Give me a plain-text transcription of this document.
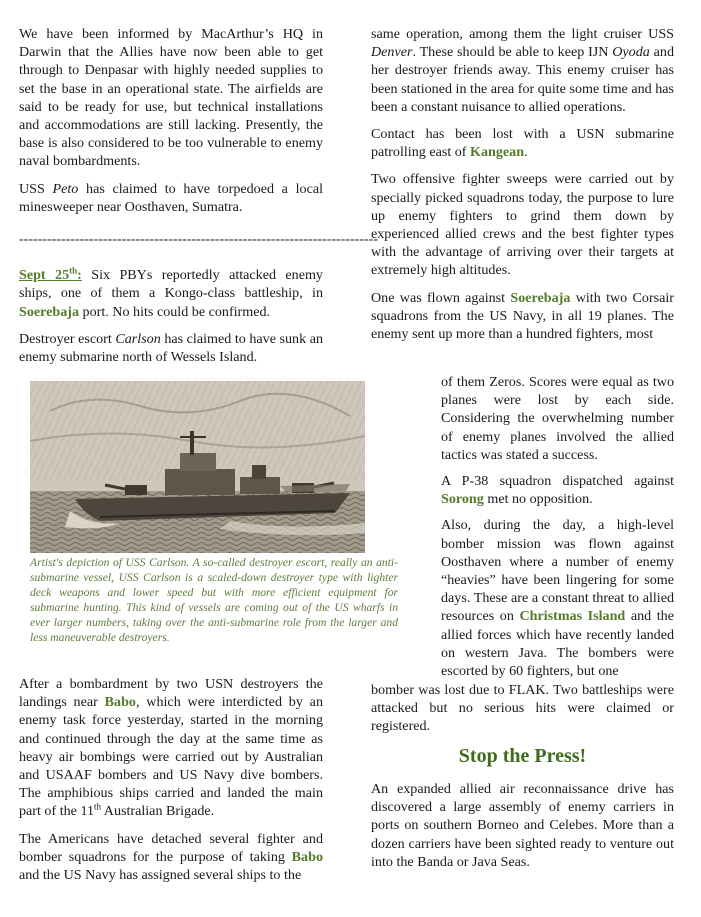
We have been informed by MacArthur’s HQ in Darwin that the Allies have now been able to get through to Denpasar with highly needed supplies to set the base in an operational state. The airfields are said to be ready for use, but technical installations and accommodations are still lacking. Presently, the base is also considered to be too vulnerable to enemy naval bombardments.

USS Peto has claimed to have torpedoed a local minesweeper near Oosthaven, Sumatra.

-----------------------------------------------------------------------------

Sept 25th: Six PBYs reportedly attacked enemy ships, one of them a Kongo-class battleship, in Soerebaja port. No hits could be confirmed.

Destroyer escort Carlson has claimed to have sunk an enemy submarine north of Wessels Island.

Artist's depiction of USS Carlson. A so-called destroyer escort, really an anti-submarine vessel, USS Carlson is a scaled-down destroyer type with lighter deck weapons and lower speed but with more efficient equipment for submarine hunting. This kind of vessels are coming out of the US wharfs in ever larger numbers, taking over the anti-submarine role from the larger and less maneuverable destroyers.

After a bombardment by two USN destroyers the landings near Babo, which were interdicted by an enemy task force yesterday, started in the morning and continued through the day at the same time as heavy air bombings were carried out by Australian and USAAF bombers and US Navy dive bombers. The amphibious ships carried and landed the main part of the 11th Australian Brigade.

The Americans have detached several fighter and bomber squadrons for the purpose of taking Babo and the US Navy has assigned several ships to the

same operation, among them the light cruiser USS Denver. These should be able to keep IJN Oyoda and her destroyer friends away. This enemy cruiser has been stationed in the area for quite some time and has been a constant nuisance to allied operations.

Contact has been lost with a USN submarine patrolling east of Kangean.

Two offensive fighter sweeps were carried out by specially picked squadrons today, the purpose to lure up enemy fighters to grind them down by experienced allied crews and the best fighter types with the advantage of arriving over their targets at extremely high altitudes.

One was flown against Soerebaja with two Corsair squadrons from the US Navy, in all 19 planes. The enemy sent up more than a hundred fighters, most

of them Zeros. Scores were equal as two planes were lost by each side. Considering the overwhelming number of enemy planes involved the allied tactics was stated a success.

A P-38 squadron dispatched against Sorong met no opposition.

Also, during the day, a high-level bomber mission was flown against Oosthaven where a number of enemy “heavies” have been lingering for some days. These are a constant threat to allied resources on Christmas Island and the allied forces which have recently landed on western Java. The bombers were escorted by 60 fighters, but one

bomber was lost due to FLAK. Two battleships were attacked but no serious hits were claimed or registered.
Stop the Press!
An expanded allied air reconnaissance drive has discovered a large assembly of enemy carriers in ports on southern Borneo and Celebes. More than a dozen carriers have been sighted ready to venture out into the Banda or Java Seas.
